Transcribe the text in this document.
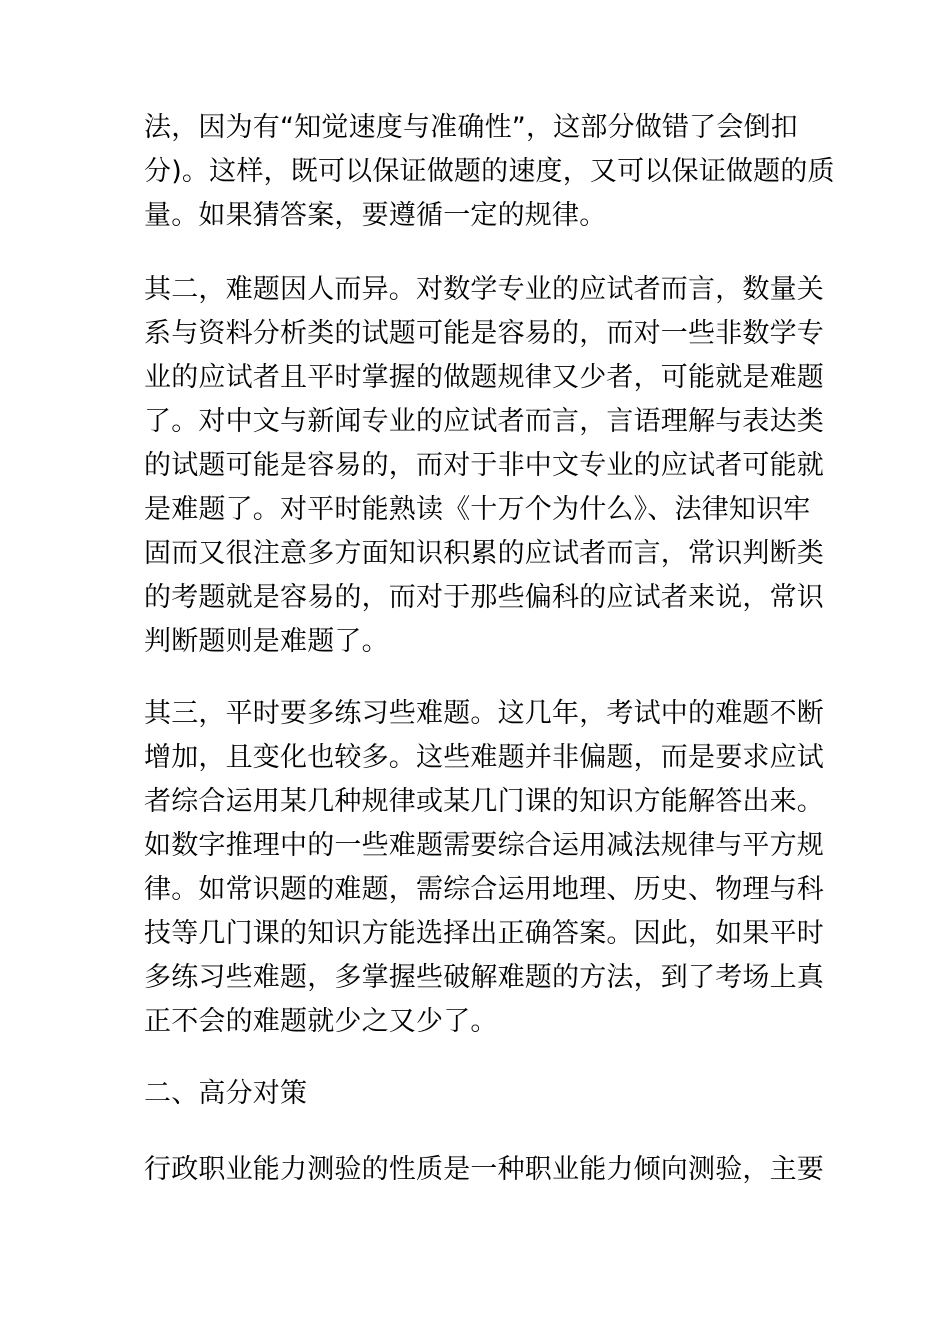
法，因为有“知觉速度与准确性”，这部分做错了会倒扣
分)。这样，既可以保证做题的速度，又可以保证做题的质
量。如果猜答案，要遵循一定的规律。
其二，难题因人而异。对数学专业的应试者而言，数量关
系与资料分析类的试题可能是容易的，而对一些非数学专
业的应试者且平时掌握的做题规律又少者，可能就是难题
了。对中文与新闻专业的应试者而言，言语理解与表达类
的试题可能是容易的，而对于非中文专业的应试者可能就
是难题了。对平时能熟读《十万个为什么》、法律知识牢
固而又很注意多方面知识积累的应试者而言，常识判断类
的考题就是容易的，而对于那些偏科的应试者来说，常识
判断题则是难题了。
其三，平时要多练习些难题。这几年，考试中的难题不断
增加，且变化也较多。这些难题并非偏题，而是要求应试
者综合运用某几种规律或某几门课的知识方能解答出来。
如数字推理中的一些难题需要综合运用减法规律与平方规
律。如常识题的难题，需综合运用地理、历史、物理与科
技等几门课的知识方能选择出正确答案。因此，如果平时
多练习些难题，多掌握些破解难题的方法，到了考场上真
正不会的难题就少之又少了。
二、高分对策
行政职业能力测验的性质是一种职业能力倾向测验，主要
